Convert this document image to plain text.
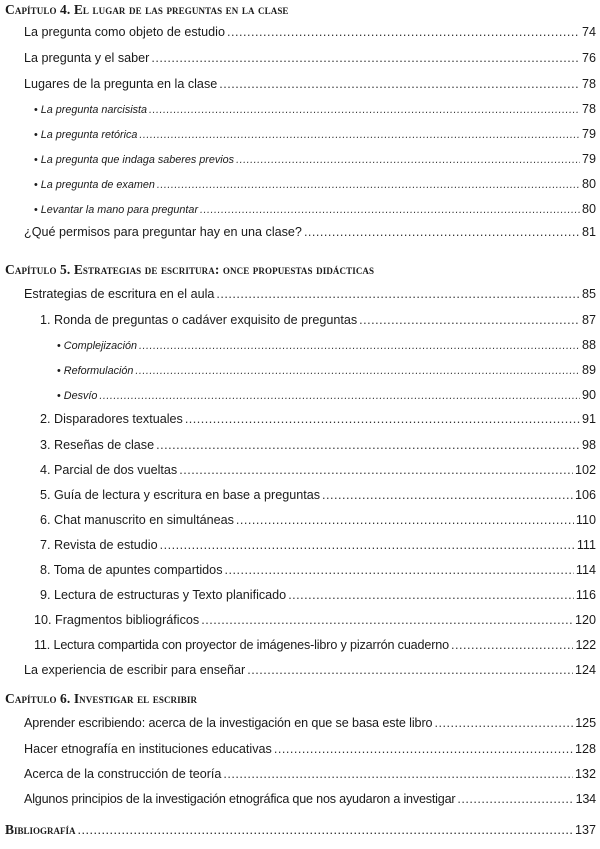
Capítulo 4. El lugar de las preguntas en la clase
La pregunta como objeto de estudio .....	74
La pregunta y el saber .....	76
Lugares de la pregunta en la clase .....	78
• La pregunta narcisista .....	78
• La pregunta retórica .....	79
• La pregunta que indaga saberes previos .....	79
• La pregunta de examen .....	80
• Levantar la mano para preguntar .....	80
¿Qué permisos para preguntar hay en una clase? .....	81
Capítulo 5. Estrategias de escritura: once propuestas didácticas
Estrategias de escritura en el aula .....	85
1. Ronda de preguntas o cadáver exquisito de preguntas .....	87
• Complejización .....	88
• Reformulación .....	89
• Desvío .....	90
2. Disparadores textuales .....	91
3. Reseñas de clase .....	98
4. Parcial de dos vueltas .....	102
5. Guía de lectura y escritura en base a preguntas .....	106
6. Chat manuscrito en simultáneas .....	110
7. Revista de estudio .....	111
8. Toma de apuntes compartidos .....	114
9. Lectura de estructuras y Texto planificado .....	116
10. Fragmentos bibliográficos .....	120
11. Lectura compartida con proyector de imágenes-libro y pizarrón cuaderno .....	122
La experiencia de escribir para enseñar .....	124
Capítulo 6. Investigar el escribir
Aprender escribiendo: acerca de la investigación en que se basa este libro .....	125
Hacer etnografía en instituciones educativas .....	128
Acerca de la construcción de teoría .....	132
Algunos principios de la investigación etnográfica que nos ayudaron a investigar .....	134
Bibliografía .....	137
